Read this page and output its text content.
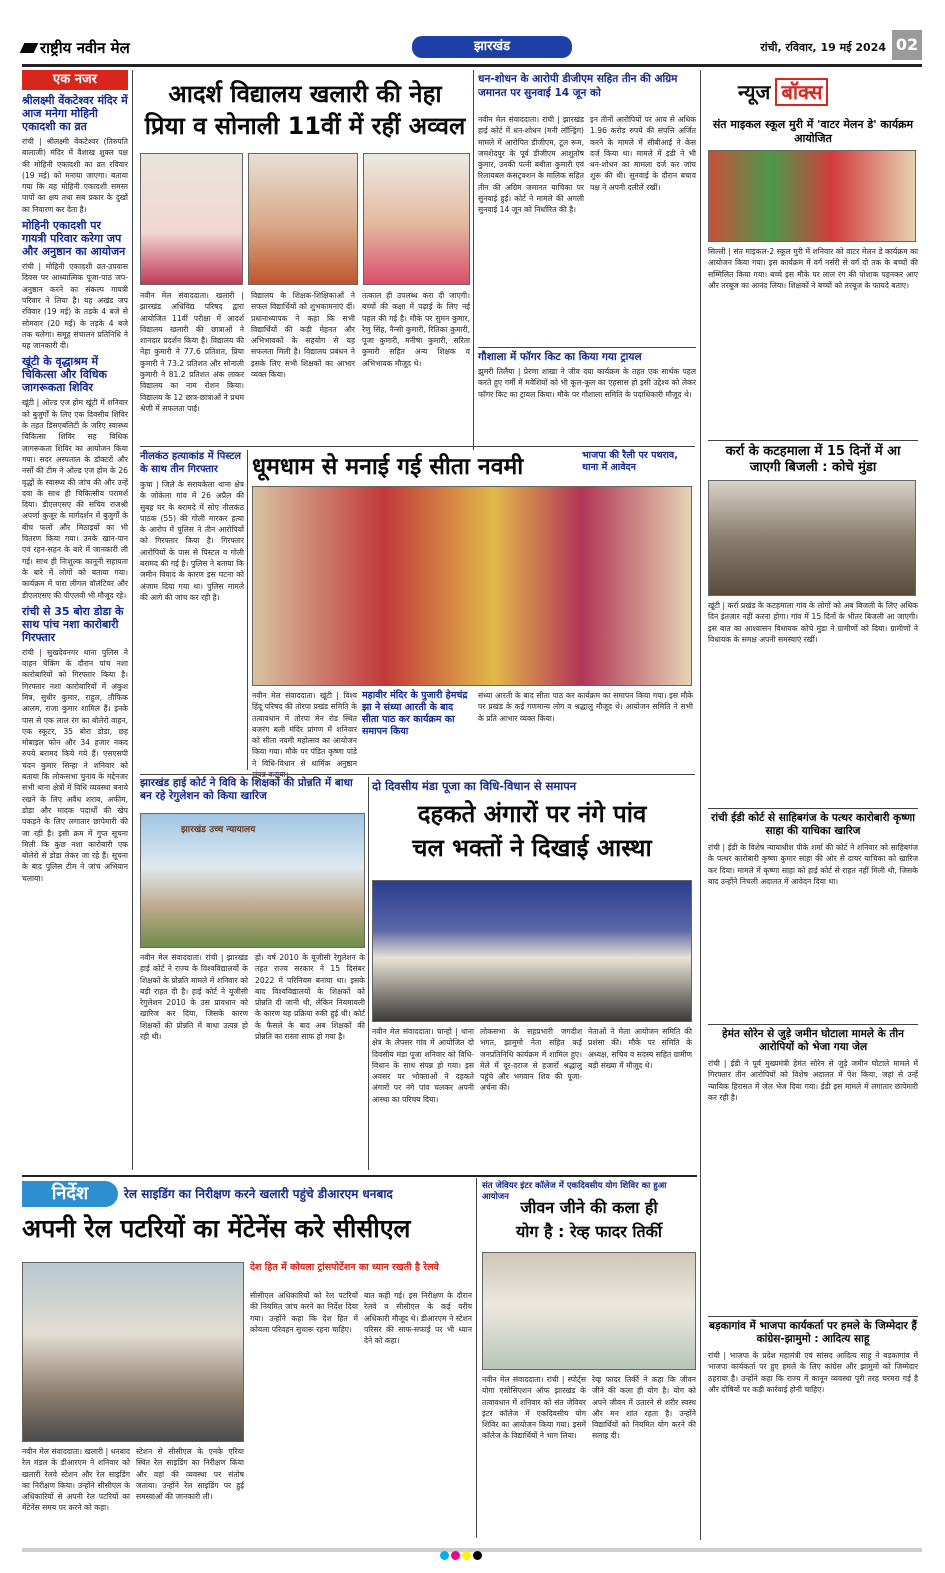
राष्ट्रीय नवीन मेल	झारखंड	रांची, रविवार, 19 मई 2024 02
एक नजर
श्रीलक्ष्मी वेंकटेश्वर मंदिर में आज मनेगा मोहिनी एकादशी का व्रत

रांची | श्रीलक्ष्मी वेंकटेश्वर (तिरुपति बालाजी) मंदिर में वैशाख शुक्ल पक्ष की मोहिनी एकादशी का व्रत रविवार (19 मई) को मनाया जाएगा। बताया गया कि यह मोहिनी एकादशी समस्त पापों का क्षय तथा सब प्रकार के दुखों का निवारण कर देता है।

मोहिनी एकादशी पर गायत्री परिवार करेगा जप और अनुष्ठान का आयोजन

रांची | मोहिनी एकादशी व्रत-उपवास दिवस पर आध्यात्मिक पूजा-पाठ जप-अनुष्ठान करने का संकल्प गायत्री परिवार ने लिया है। यह अखंड जप रविवार (19 मई) के तड़के 4 बजे से सोमवार (20 मई) के तड़के 4 बजे तक चलेगा। समूह संचालन प्रतिनिधि ने यह जानकारी दी।

खूंटी के वृद्धाश्रम में चिकित्सा और विधिक जागरूकता शिविर

खूंटी | ओल्ड एज होम खूंटी में शनिवार को बुजुर्गों के लिए एक दिवसीय शिविर के तहत डिसएबलिटी के जरिए स्वास्थ्य चिकित्सा शिविर सह विधिक जागरूकता शिविर का आयोजन किया गया। सदर अस्पताल के डॉक्टरों और नर्सों की टीम ने ओल्ड एज होम के 26 वृद्धों के स्वास्थ्य की जांच की और उन्हें दवा के साथ ही चिकित्सीय परामर्श दिया। डीएलएसए की सचिव राजश्री अपर्णा कुजूर के मार्गदर्शन में बुजुर्गों के बीच फलों और मिठाइयों का भी वितरण किया गया। उनके खान-पान एवं रहन-सहन के बारे में जानकारी ली गई। साथ ही निःशुल्क कानूनी सहायता के बारे में लोगों को बताया गया। कार्यक्रम में पारा लीगल वॉलंटियर और डीएलएसए की पीएलवी भी मौजूद रहे।

रांची से 35 बोरा डोडा के साथ पांच नशा कारोबारी गिरफ्तार

रांची | सुखदेवनगर थाना पुलिस ने वाहन चेकिंग के दौरान पांच नशा कारोबारियों को गिरफ्तार किया है। गिरफ्तार नशा कारोबारियों में अंकुश मित्र, सुधीर कुमार, राहुल, तौफिक आलम, राजा कुमार शामिल हैं। इनके पास से एक लाल रंग का बोलेरो वाहन, एक स्कूटर, 35 बोरा डोडा, छह मोबाइल फोन और 34 हजार नकद रुपये बरामद किये गये हैं। एसएसपी चंदन कुमार सिन्हा ने शनिवार को बताया कि लोकसभा चुनाव के मद्देनजर सभी थाना क्षेत्रों में विधि व्यवस्था बनाये रखने के लिए अवैध शराब, अफीम, डोडा और मादक पदार्थों की खेप पकड़ने के लिए लगातार छापेमारी की जा रही है। इसी क्रम में गुप्त सूचना मिली कि कुछ नशा कारोबारी एक बोलेरो से डोडा लेकर जा रहे हैं। सूचना के बाद पुलिस टीम ने जांच अभियान चलाया।

आदर्श विद्यालय खलारी की नेहा
प्रिया व सोनाली 11वीं में रहीं अव्वल
नवीन मेल संवाददाता। खलारी | झारखंड अधिविद्य परिषद द्वारा आयोजित 11वीं परीक्षा में आदर्श विद्यालय खलारी की छात्राओं ने शानदार प्रदर्शन किया है। विद्यालय की नेहा कुमारी ने 77.6 प्रतिशत, प्रिया कुमारी ने 73.2 प्रतिशत और सोनाली कुमारी ने 81.2 प्रतिशत अंक लाकर विद्यालय का नाम रोशन किया। विद्यालय के 12 छात्र-छात्राओं ने प्रथम श्रेणी में सफलता पाई।
विद्यालय के शिक्षक-शिक्षिकाओं ने सफल विद्यार्थियों को शुभकामनाएं दीं। प्रधानाध्यापक ने कहा कि सभी विद्यार्थियों की कड़ी मेहनत और अभिभावकों के सहयोग से यह सफलता मिली है। विद्यालय प्रबंधन ने इसके लिए सभी शिक्षकों का आभार व्यक्त किया।
तत्काल ही उपलब्ध करा दी जाएगी। बच्चों की कक्षा में पढ़ाई के लिए नई पहल की गई है। मौके पर सुमन कुमार, रेणु सिंह, नैन्सी कुमारी, रितिका कुमारी, पूजा कुमारी, मनीषा कुमारी, सरिता कुमारी सहित अन्य शिक्षक व अभिभावक मौजूद थे।
नीलकंठ हत्याकांड में पिस्टल के साथ तीन गिरफ्तार

कुचा | जिले के सरायकेला थाना क्षेत्र के जोकेला गांव में 26 अप्रैल की सुबह घर के बरामदे में सोए नीलकंठ पाठक (55) की गोली मारकर हत्या के आरोप में पुलिस ने तीन आरोपियों को गिरफ्तार किया है। गिरफ्तार आरोपियों के पास से पिस्टल व गोली बरामद की गई है। पुलिस ने बताया कि जमीन विवाद के कारण इस घटना को अंजाम दिया गया था। पुलिस मामले की आगे की जांच कर रही है।

धूमधाम से मनाई गई सीता नवमी
नवीन मेल संवाददाता। खूंटी | विश्व हिंदू परिषद की तोरपा प्रखंड समिति के तत्वावधान में तोरपा मेन रोड स्थित बजरंग बली मंदिर प्रांगण में शनिवार को सीता नवमी महोत्सव का आयोजन किया गया। मौके पर पंडित कृष्णा पांडे ने विधि-विधान से धार्मिक अनुष्ठान
महावीर मंदिर के पुजारी हेमचंद्र झा ने संध्या आरती के बाद सीता पाठ कर कार्यक्रम का समापन किया
संध्या आरती के बाद सीता पाठ कर कार्यक्रम का समापन किया गया। इस मौके पर प्रखंड के कई गणमान्य लोग व श्रद्धालु मौजूद थे। आयोजन समिति ने सभी के प्रति आभार व्यक्त किया।
झारखंड हाई कोर्ट ने विवि के शिक्षकों की प्रोन्नति में बाधा बन रहे रेगुलेशन को किया खारिज
झारखंड उच्च न्यायालय
नवीन मेल संवाददाता। रांची | झारखंड हाई कोर्ट ने राज्य के विश्वविद्यालयों के शिक्षकों के प्रोन्नति मामले में शनिवार को बड़ी राहत दी है। हाई कोर्ट ने यूजीसी रेगुलेशन 2010 के उस प्रावधान को खारिज कर दिया, जिसके कारण शिक्षकों की प्रोन्नति में बाधा उत्पन्न हो रही थी।
हो। वर्ष 2010 के यूजीसी रेगुलेशन के तहत राज्य सरकार ने 15 दिसंबर 2022 में परिनियम बनाया था। इसके बाद विश्वविद्यालयों के शिक्षकों को प्रोन्नति दी जानी थी, लेकिन नियमावली के कारण यह प्रक्रिया रुकी हुई थी। कोर्ट के फैसले के बाद अब शिक्षकों की प्रोन्नति का रास्ता साफ हो गया है।
दो दिवसीय मंडा पूजा का विधि-विधान से समापन
दहकते अंगारों पर नंगे पांव
चल भक्तों ने दिखाई आस्था
नवीन मेल संवाददाता। चान्हो | थाना क्षेत्र के लेपसर गांव में आयोजित दो दिवसीय मंडा पूजा शनिवार को विधि-विधान के साथ संपन्न हो गया। इस अवसर पर भोक्ताओं ने दहकते अंगारों पर नंगे पांव चलकर अपनी आस्था का परिचय दिया।
लोकसभा के सहप्रभारी जगदीश भगत, झामुमो नेता सहित कई जनप्रतिनिधि कार्यक्रम में शामिल हुए। मेले में दूर-दराज से हजारों श्रद्धालु पहुंचे और भगवान शिव की पूजा-अर्चना की।
नेताओं ने मेला आयोजन समिति की प्रशंसा की। मौके पर समिति के अध्यक्ष, सचिव व सदस्य सहित ग्रामीण बड़ी संख्या में मौजूद थे।
धन-शोधन के आरोपी डीजीएम सहित तीन की अग्रिम जमानत पर सुनवाई 14 जून को
नवीन मेल संवाददाता। रांची | झारखंड हाई कोर्ट में धन-शोधन (मनी लॉन्ड्रिंग) मामले में आरोपित डीजीएम, टूल रूम, जमशेदपुर के पूर्व डीजीएम आशुतोष कुमार, उनकी पत्नी बबीता कुमारी एवं रिलायबल कंसट्रक्शन के मालिक सहित तीन की अग्रिम जमानत याचिका पर सुनवाई हुई। कोर्ट ने मामले की अगली सुनवाई 14 जून को निर्धारित की है।
इन तीनों आरोपियों पर आय से अधिक 1.96 करोड़ रुपये की संपत्ति अर्जित करने के मामले में सीबीआई ने केस दर्ज किया था। मामले में इडी ने भी धन-शोधन का मामला दर्ज कर जांच शुरू की थी। सुनवाई के दौरान बचाव पक्ष ने अपनी दलीलें रखीं।
गौशाला में फॉगर किट का किया गया ट्रायल
झुमरी तिलैया | प्रेरणा शाखा ने जीव दया कार्यक्रम के तहत एक सार्थक पहल करते हुए गर्मी में मवेशियों को भी कूल-कूल का एहसास हो इसी उद्देश्य को लेकर फॉगर किट का ट्रायल किया। मौके पर गौशाला समिति के पदाधिकारी मौजूद थे।
भाजपा की रैली पर पथराव, थाना में आवेदन
न्यूज बॉक्स
संत माइकल स्कूल मुरी में 'वाटर मेलन डे' कार्यक्रम आयोजित

सिल्ली | संत माइकल-2 स्कूल मुरी में शनिवार को वाटर मेलन डे कार्यक्रम का आयोजन किया गया। इस कार्यक्रम में वर्ग नर्सरी से वर्ग दो तक के बच्चों की सम्मिलित किया गया। बच्चे इस मौके पर लाल रंग की पोशाक पहनकर आए और तरबूज का आनंद लिया। शिक्षकों ने बच्चों को तरबूज के फायदे बताए।

कर्रा के कटहमाला में 15 दिनों में आ जाएगी बिजली : कोचे मुंडा

खूंटी | कर्रा प्रखंड के कटहमाला गांव के लोगों को अब बिजली के लिए अधिक दिन इंतजार नहीं करना होगा। गांव में 15 दिनों के भीतर बिजली आ जाएगी। इस बात का आश्वासन विधायक कोचे मुंडा ने ग्रामीणों को दिया। ग्रामीणों ने विधायक के समक्ष अपनी समस्याएं रखीं।

रांची ईडी कोर्ट से साहिबगंज के पत्थर कारोबारी कृष्णा साहा की याचिका खारिज

रांची | ईडी के विशेष न्यायाधीश पीके शर्मा की कोर्ट ने शनिवार को साहिबगंज के पत्थर कारोबारी कृष्णा कुमार साहा की ओर से दायर याचिका को खारिज कर दिया। मामले में कृष्णा साहा को हाई कोर्ट से राहत नहीं मिली थी, जिसके बाद उन्होंने निचली अदालत में आवेदन दिया था।

हेमंत सोरेन से जुड़े जमीन घोटाला मामले के तीन आरोपियों को भेजा गया जेल

रांची | ईडी ने पूर्व मुख्यमंत्री हेमंत सोरेन से जुड़े जमीन घोटाले मामले में गिरफ्तार तीन आरोपियों को विशेष अदालत में पेश किया, जहां से उन्हें न्यायिक हिरासत में जेल भेज दिया गया। ईडी इस मामले में लगातार छापेमारी कर रही है।

बड़कागांव में भाजपा कार्यकर्ता पर हमले के जिम्मेदार हैं कांग्रेस-झामुमो : आदित्य साहू

रांची | भाजपा के प्रदेश महामंत्री एवं सांसद आदित्य साहू ने बड़कागांव में भाजपा कार्यकर्ता पर हुए हमले के लिए कांग्रेस और झामुमो को जिम्मेदार ठहराया है। उन्होंने कहा कि राज्य में कानून व्यवस्था पूरी तरह चरमरा गई है और दोषियों पर कड़ी कार्रवाई होनी चाहिए।

निर्देश	रेल साइडिंग का निरीक्षण करने खलारी पहुंचे डीआरएम धनबाद
अपनी रेल पटरियों का मेंटेनेंस करे सीसीएल
देश हित में कोयला ट्रांसपोर्टेशन का ध्यान रखती है रेलवे
नवीन मेल संवाददाता। खलारी | धनबाद रेल मंडल के डीआरएम ने शनिवार को खलारी रेलवे स्टेशन और रेल साइडिंग का निरीक्षण किया। उन्होंने सीसीएल के अधिकारियों से अपनी रेल पटरियों का मेंटेनेंस समय पर करने को कहा।
स्टेशन से सीसीएल के एनके एरिया स्थित रेल साइडिंग का निरीक्षण किया और वहां की व्यवस्था पर संतोष जताया। उन्होंने रेल साइडिंग पर हुई समस्याओं की जानकारी ली।
सीसीएल अधिकारियों को रेल पटरियों की नियमित जांच करने का निर्देश दिया गया। उन्होंने कहा कि देश हित में कोयला परिवहन सुचारू रहना चाहिए।
बात कही गई। इस निरीक्षण के दौरान रेलवे व सीसीएल के कई वरीय अधिकारी मौजूद थे। डीआरएम ने स्टेशन परिसर की साफ-सफाई पर भी ध्यान देने को कहा।
संत जेवियर इंटर कॉलेज में एकदिवसीय योग शिविर का हुआ आयोजन
जीवन जीने की कला ही
योग है : रेव्ह फादर तिर्की
नवीन मेल संवाददाता। रांची | स्पोर्ट्स योगा एसोसिएशन ऑफ झारखंड के तत्वावधान में शनिवार को संत जेवियर इंटर कॉलेज में एकदिवसीय योग शिविर का आयोजन किया गया। इसमें कॉलेज के विद्यार्थियों ने भाग लिया।
रेव्ह फादर तिर्की ने कहा कि जीवन जीने की कला ही योग है। योग को अपने जीवन में उतारने से शरीर स्वस्थ और मन शांत रहता है। उन्होंने विद्यार्थियों को नियमित योग करने की सलाह दी।
